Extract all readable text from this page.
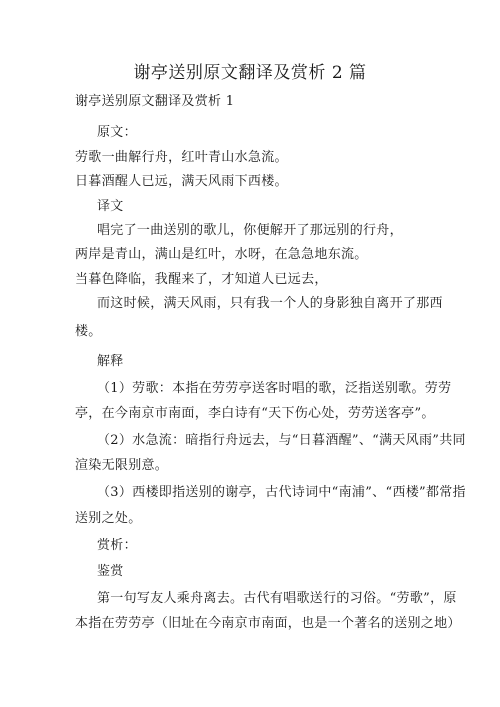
谢亭送别原文翻译及赏析 2 篇
谢亭送别原文翻译及赏析 1
原文：
劳歌一曲解行舟，红叶青山水急流。
日暮酒醒人已远，满天风雨下西楼。
译文
唱完了一曲送别的歌儿，你便解开了那远别的行舟，
两岸是青山，满山是红叶，水呀，在急急地东流。
当暮色降临，我醒来了，才知道人已远去，
而这时候，满天风雨，只有我一个人的身影独自离开了那西
楼。
解释
（1）劳歌：本指在劳劳亭送客时唱的歌，泛指送别歌。劳劳
亭，在今南京市南面，李白诗有“天下伤心处，劳劳送客亭”。
（2）水急流：暗指行舟远去，与“日暮酒醒”、“满天风雨”共同
渲染无限别意。
（3）西楼即指送别的谢亭，古代诗词中“南浦”、“西楼”都常指
送别之处。
赏析：
鉴赏
第一句写友人乘舟离去。古代有唱歌送行的习俗。“劳歌”，原
本指在劳劳亭（旧址在今南京市南面，也是一个著名的送别之地）
